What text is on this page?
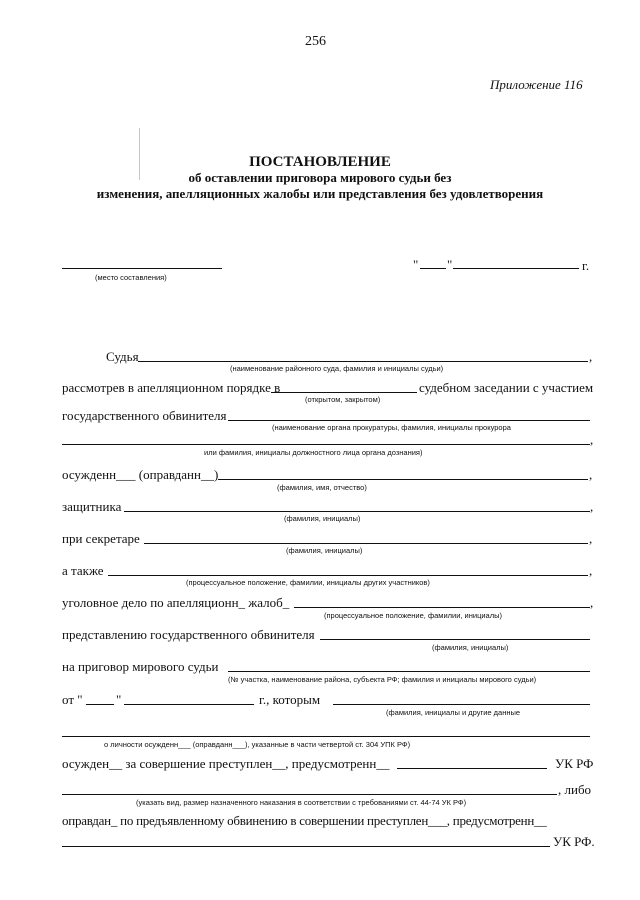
256
Приложение 116
ПОСТАНОВЛЕНИЕ
об оставлении приговора мирового судьи без
изменения, апелляционных жалобы или представления без удовлетворения
(место составления)
" "	г.
Судья	,
(наименование районного суда, фамилия и инициалы судьи)
рассмотрев в апелляционном порядке в	судебном заседании с участием
(открытом, закрытом)
государственного обвинителя
(наименование органа прокуратуры, фамилия, инициалы прокурора
,
или фамилия, инициалы должностного лица органа дознания)
осужденн___ (оправданн__)	,
(фамилия, имя, отчество)
защитника	,
(фамилия, инициалы)
при секретаре	,
(фамилия, инициалы)
а также	,
(процессуальное положение, фамилии, инициалы других участников)
уголовное дело по апелляционн_ жалоб_	,
(процессуальное положение, фамилии, инициалы)
представлению государственного обвинителя
(фамилия, инициалы)
на приговор мирового судьи
(№ участка, наименование района, субъекта РФ; фамилия и инициалы мирового судьи)
от "	"	г., которым
(фамилия, инициалы и другие данные
о личности осужденн___ (оправданн___), указанные в части четвертой ст. 304 УПК РФ)
осужден__ за совершение преступлен__, предусмотренн__	УК РФ
, либо
(указать вид, размер назначенного наказания в соответствии с требованиями ст. 44-74 УК РФ)
оправдан_ по предъявленному обвинению в совершении преступлен___, предусмотренн__
УК РФ.
